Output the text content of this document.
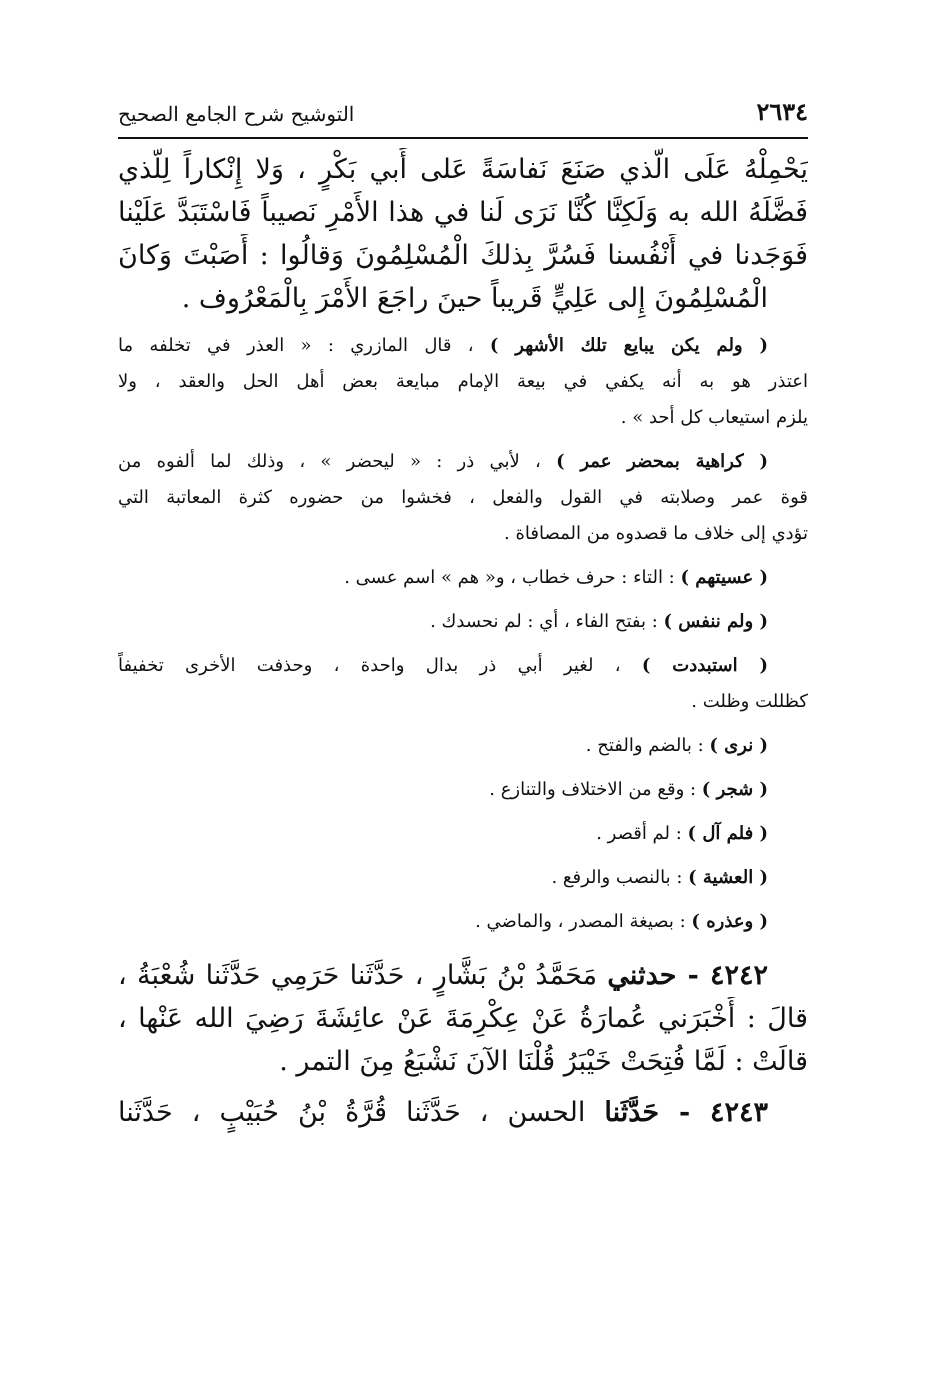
٢٦٣٤
التوشيح شرح الجامع الصحيح
يَحْمِلْهُ عَلَى الَّذي صَنَعَ نَفاسَةً عَلى أَبي بَكْرٍ ، وَلا إِنْكاراً لِلَّذي
فَضَّلَهُ الله به وَلَكِنَّا كُنَّا نَرَى لَنا في هذا الأَمْرِ نَصيباً فَاسْتَبَدَّ عَلَيْنا
فَوَجَدنا في أَنْفُسنا فَسُرَّ بِذلكَ الْمُسْلِمُونَ وَقالُوا : أَصَبْتَ وَكانَ
الْمُسْلِمُونَ إِلى عَلِيٍّ قَريباً حينَ راجَعَ الأَمْرَ بِالْمَعْرُوف .
( ولم يكن يبايع تلك الأشهر ) ، قال المازري : « العذر في تخلفه ما
اعتذر هو به أنه يكفي في بيعة الإمام مبايعة بعض أهل الحل والعقد ، ولا
يلزم استيعاب كل أحد » .
( كراهية بمحضر عمر ) ، لأبي ذر : « ليحضر » ، وذلك لما ألفوه من
قوة عمر وصلابته في القول والفعل ، فخشوا من حضوره كثرة المعاتبة التي
تؤدي إلى خلاف ما قصدوه من المصافاة .
( عسيتهم ) : التاء : حرف خطاب ، و« هم » اسم عسى .
( ولم ننفس ) : بفتح الفاء ، أي : لم نحسدك .
( استبددت ) ، لغير أبي ذر بدال واحدة ، وحذفت الأخرى تخفيفاً
كظللت وظلت .
( نرى ) : بالضم والفتح .
( شجر ) : وقع من الاختلاف والتنازع .
( فلم آل ) : لم أقصر .
( العشية ) : بالنصب والرفع .
( وعذره ) : بصيغة المصدر ، والماضي .
٤٢٤٢ - حدثني مَحَمَّدُ بْنُ بَشَّارٍ ، حَدَّثَنا حَرَمِي حَدَّثَنا شُعْبَةُ ،
قالَ : أَخْبَرَني عُمارَةُ عَنْ عِكْرِمَةَ عَنْ عائِشَةَ رَضِيَ الله عَنْها ،
قالَتْ : لَمَّا فُتِحَتْ خَيْبَرُ قُلْنَا الآنَ نَشْبَعُ مِنَ التمر .
٤٢٤٣ - حَدَّثَنا الحسن ، حَدَّثَنا قُرَّةُ بْنُ حُبَيْبٍ ، حَدَّثَنا
